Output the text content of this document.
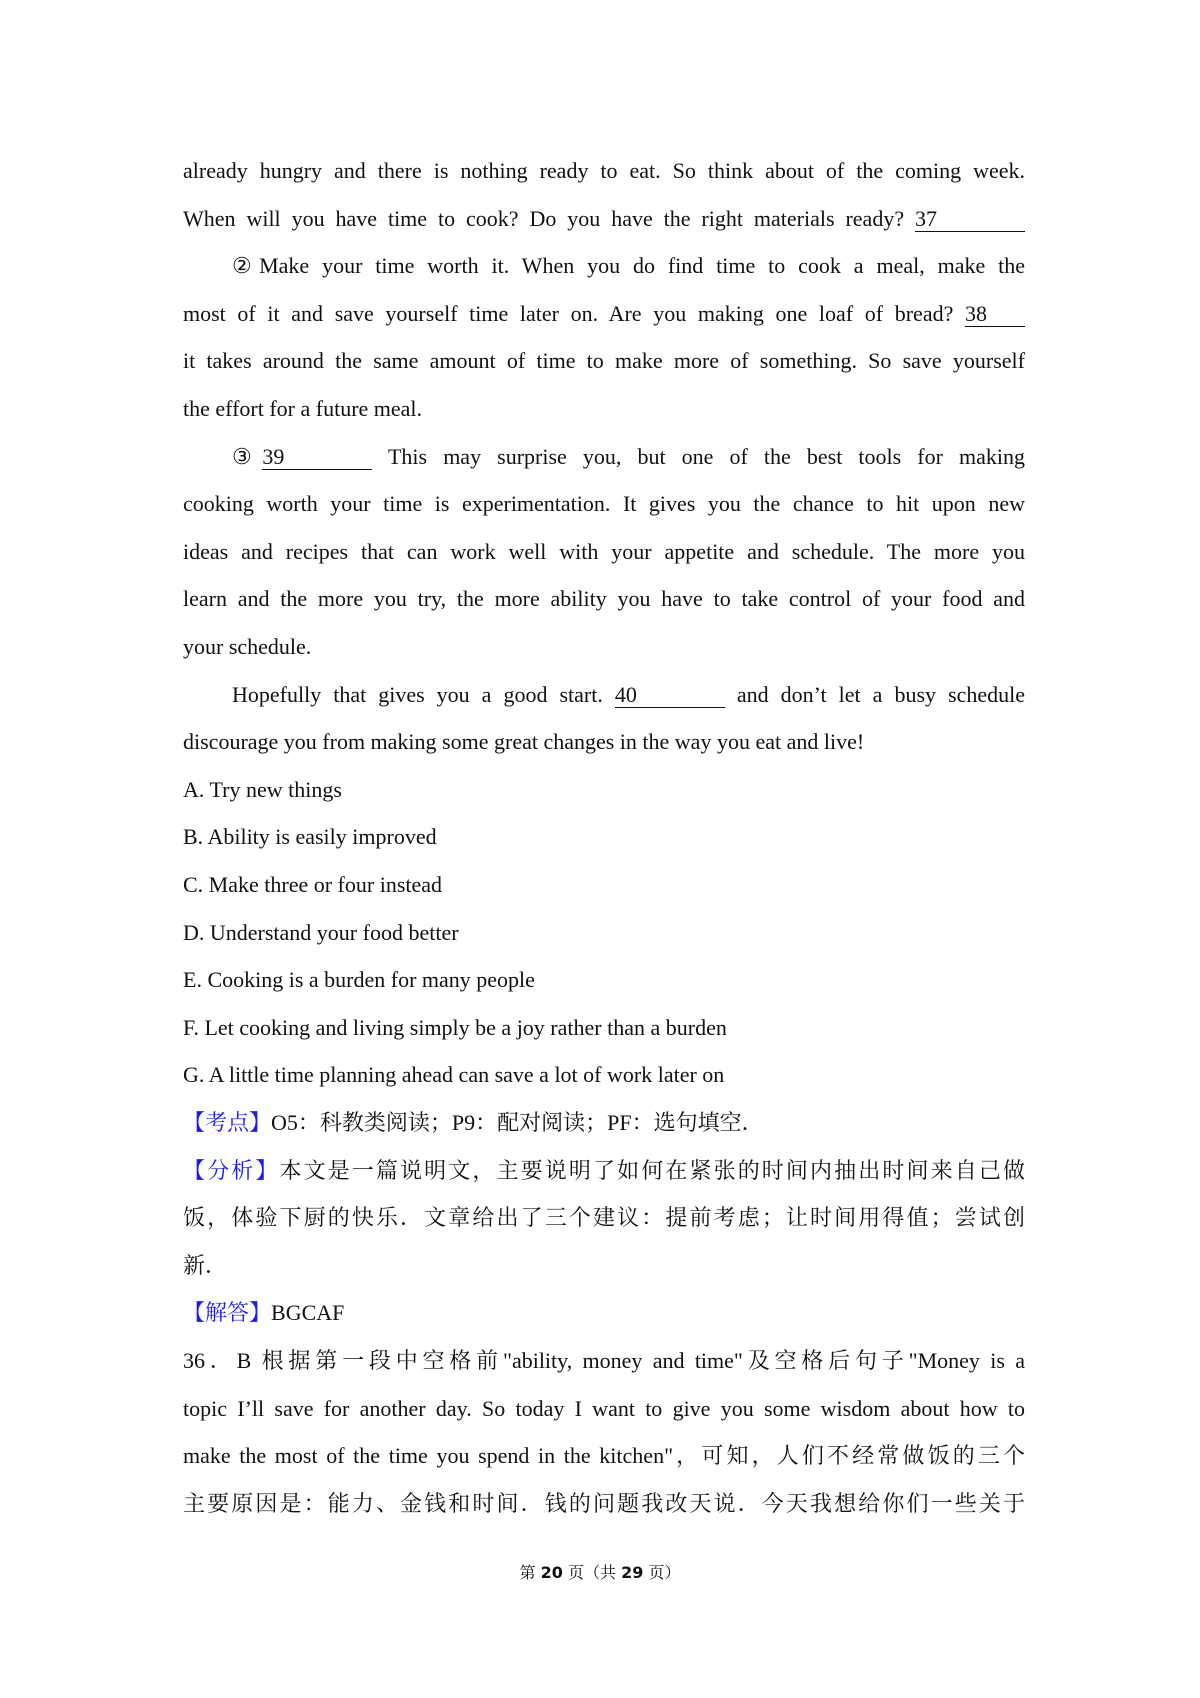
already hungry and there is nothing ready to eat. So think about of the coming week.
When will you have time to cook? Do you have the right materials ready? 37
②Make your time worth it. When you do find time to cook a meal, make the
most of it and save yourself time later on. Are you making one loaf of bread? 38
it takes around the same amount of time to make more of something. So save yourself
the effort for a future meal.
③39	This may surprise you, but one of the best tools for making
cooking worth your time is experimentation. It gives you the chance to hit upon new
ideas and recipes that can work well with your appetite and schedule. The more you
learn and the more you try, the more ability you have to take control of your food and
your schedule.
Hopefully that gives you a good start. 40	and don’t let a busy schedule
discourage you from making some great changes in the way you eat and live!
A. Try new things
B. Ability is easily improved
C. Make three or four instead
D. Understand your food better
E. Cooking is a burden for many people
F. Let cooking and living simply be a joy rather than a burden
G. A little time planning ahead can save a lot of work later on
【考点】O5：科教类阅读；P9：配对阅读；PF：选句填空．
【分析】本文是一篇说明文，主要说明了如何在紧张的时间内抽出时间来自己做
饭，体验下厨的快乐．文章给出了三个建议：提前考虑；让时间用得值；尝试创
新．
【解答】BGCAF
36．B 根据第一段中空格前"ability, money and time"及空格后句子"Money is a
topic I’ll save for another day. So today I want to give you some wisdom about how to
make the most of the time you spend in the kitchen"，可知，人们不经常做饭的三个
主要原因是：能力、金钱和时间．钱的问题我改天说．今天我想给你们一些关于
第 20 页（共 29 页）
